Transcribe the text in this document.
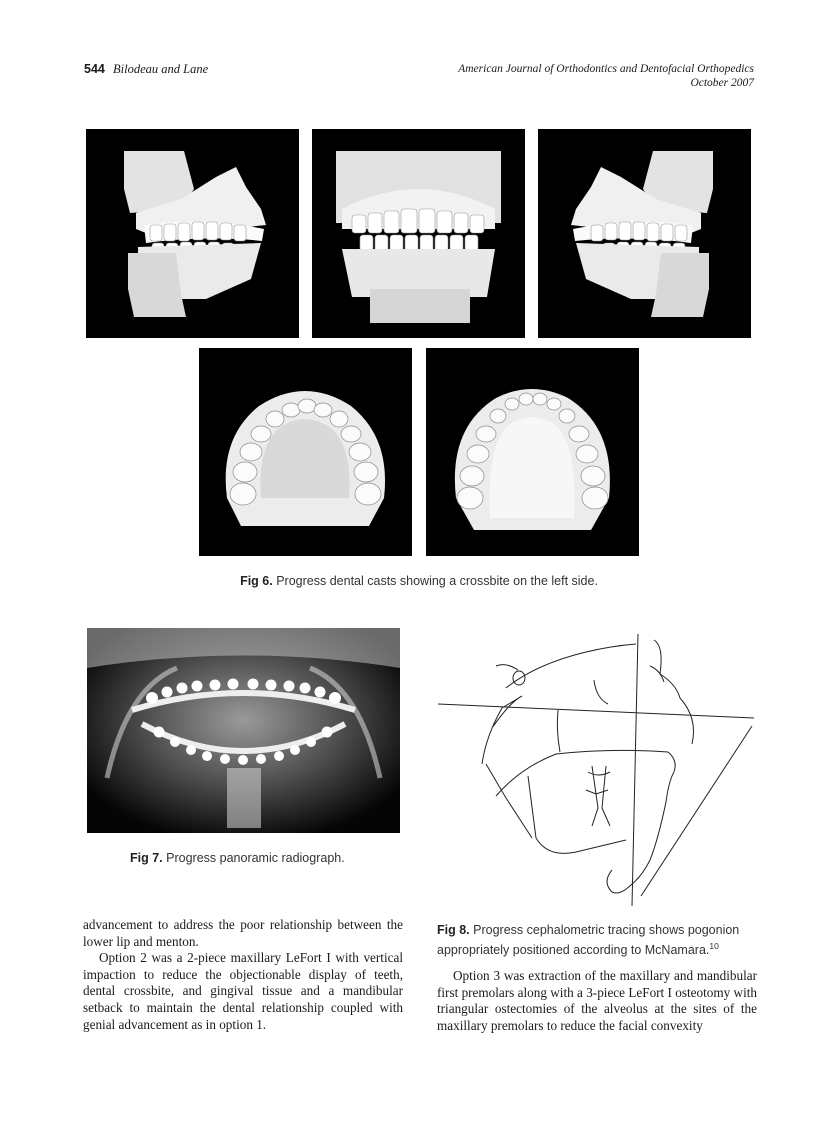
544 Bilodeau and Lane	American Journal of Orthodontics and Dentofacial Orthopedics
October 2007
Fig 6. Progress dental casts showing a crossbite on the left side.
Fig 7. Progress panoramic radiograph.
Fig 8. Progress cephalometric tracing shows pogonion appropriately positioned according to McNamara.$^{10}$

advancement to address the poor relationship between the lower lip and menton.

Option 2 was a 2-piece maxillary LeFort I with vertical impaction to reduce the objectionable display of teeth, dental crossbite, and gingival tissue and a mandibular setback to maintain the dental relationship coupled with genial advancement as in option 1.

Option 3 was extraction of the maxillary and mandibular first premolars along with a 3-piece LeFort I osteotomy with triangular ostectomies of the alveolus at the sites of the maxillary premolars to reduce the facial convexity
